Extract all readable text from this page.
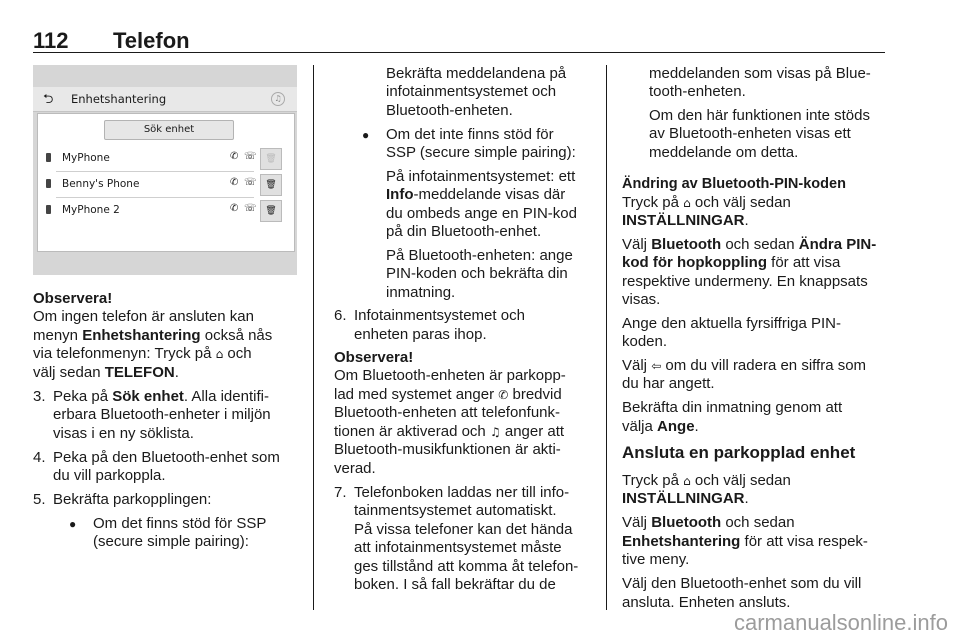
112 Telefon
⮌ Enhetshantering	♫
Sök enhet
MyPhone	✆ ☏ 🗑
Benny's Phone	✆ ☏ 🗑
MyPhone 2	✆ ☏ 🗑
Observera!
Om ingen telefon är ansluten kan
menyn Enhetshantering också nås
via telefonmenyn: Tryck på ⌂ och
välj sedan TELEFON.
3. Peka på Sök enhet. Alla identifi-
erbara Bluetooth-enheter i miljön
visas i en ny söklista.
4. Peka på den Bluetooth-enhet som
du vill parkoppla.
5. Bekräfta parkopplingen:
● Om det finns stöd för SSP
(secure simple pairing):
Bekräfta meddelandena på
infotainmentsystemet och
Bluetooth-enheten.
● Om det inte finns stöd för
SSP (secure simple pairing):
På infotainmentsystemet: ett
Info-meddelande visas där
du ombeds ange en PIN-kod
på din Bluetooth-enhet.
På Bluetooth-enheten: ange
PIN-koden och bekräfta din
inmatning.
6. Infotainmentsystemet och
enheten paras ihop.
Observera!
Om Bluetooth-enheten är parkopp-
lad med systemet anger ✆ bredvid
Bluetooth-enheten att telefonfunk-
tionen är aktiverad och ♫ anger att
Bluetooth-musikfunktionen är akti-
verad.
7. Telefonboken laddas ner till info-
tainmentsystemet automatiskt.
På vissa telefoner kan det hända
att infotainmentsystemet måste
ges tillstånd att komma åt telefon-
boken. I så fall bekräftar du de
meddelanden som visas på Blue-
tooth-enheten.
Om den här funktionen inte stöds
av Bluetooth-enheten visas ett
meddelande om detta.
Ändring av Bluetooth-PIN-koden
Tryck på ⌂ och välj sedan
INSTÄLLNINGAR.
Välj Bluetooth och sedan Ändra PIN-
kod för hopkoppling för att visa
respektive undermeny. En knappsats
visas.
Ange den aktuella fyrsiffriga PIN-
koden.
Välj ⇦ om du vill radera en siffra som
du har angett.
Bekräfta din inmatning genom att
välja Ange.
Ansluta en parkopplad enhet
Tryck på ⌂ och välj sedan
INSTÄLLNINGAR.
Välj Bluetooth och sedan
Enhetshantering för att visa respek-
tive meny.
Välj den Bluetooth-enhet som du vill
ansluta. Enheten ansluts.
carmanualsonline.info
